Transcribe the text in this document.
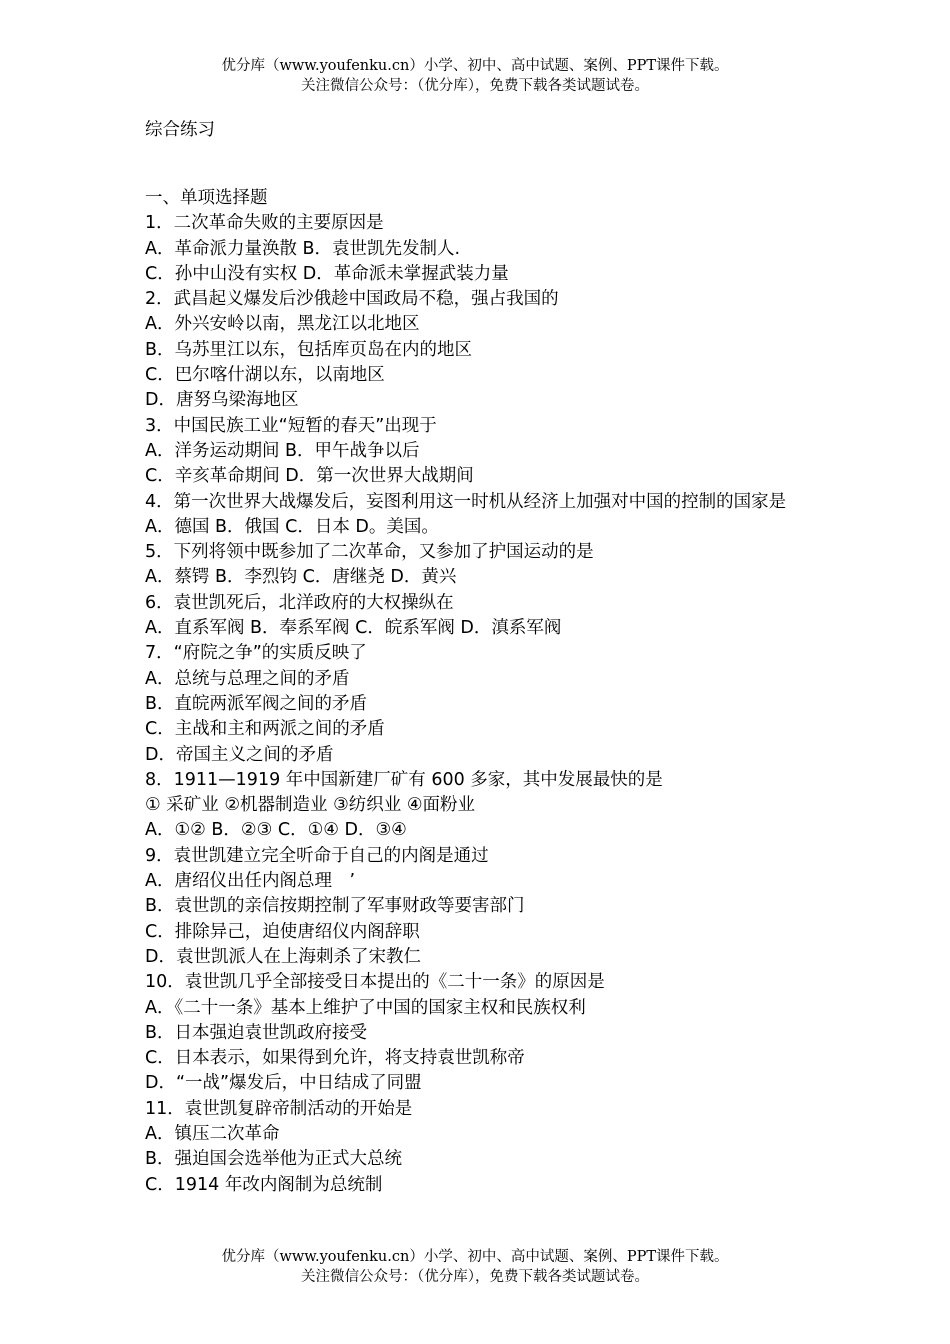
优分库（www.youfenku.cn）小学、初中、高中试题、案例、PPT课件下载。
关注微信公众号：（优分库），免费下载各类试题试卷。
综合练习
一、单项选择题
1．二次革命失败的主要原因是
A．革命派力量涣散 B．袁世凯先发制人.
C．孙中山没有实权 D．革命派未掌握武装力量
2．武昌起义爆发后沙俄趁中国政局不稳，强占我国的
A．外兴安岭以南，黑龙江以北地区
B．乌苏里江以东，包括库页岛在内的地区
C．巴尔喀什湖以东，以南地区
D．唐努乌梁海地区
3．中国民族工业“短暂的春天”出现于
A．洋务运动期间 B．甲午战争以后
C．辛亥革命期间 D．第一次世界大战期间
4．第一次世界大战爆发后，妄图利用这一时机从经济上加强对中国的控制的国家是
A．德国 B．俄国 C．日本 D。美国。
5．下列将领中既参加了二次革命，又参加了护国运动的是
A．蔡锷 B．李烈钧 C．唐继尧 D．黄兴
6．袁世凯死后，北洋政府的大权操纵在
A．直系军阀 B．奉系军阀 C．皖系军阀 D．滇系军阀
7．“府院之争”的实质反映了
A．总统与总理之间的矛盾
B．直皖两派军阀之间的矛盾
C．主战和主和两派之间的矛盾
D．帝国主义之间的矛盾
8．1911—1919 年中国新建厂矿有 600 多家，其中发展最快的是
① 采矿业 ②机器制造业 ③纺织业 ④面粉业
A．①② B．②③ C．①④ D．③④
9．袁世凯建立完全听命于自己的内阁是通过
A．唐绍仪出任内阁总理　’
B．袁世凯的亲信按期控制了军事财政等要害部门
C．排除异己，迫使唐绍仪内阁辞职
D．袁世凯派人在上海刺杀了宋教仁
10．袁世凯几乎全部接受日本提出的《二十一条》的原因是
A．《二十一条》基本上维护了中国的国家主权和民族权利
B．日本强迫袁世凯政府接受
C．日本表示，如果得到允许，将支持袁世凯称帝
D．“一战”爆发后，中日结成了同盟
11．袁世凯复辟帝制活动的开始是
A．镇压二次革命
B．强迫国会选举他为正式大总统
C．1914 年改内阁制为总统制
优分库（www.youfenku.cn）小学、初中、高中试题、案例、PPT课件下载。
关注微信公众号：（优分库），免费下载各类试题试卷。
